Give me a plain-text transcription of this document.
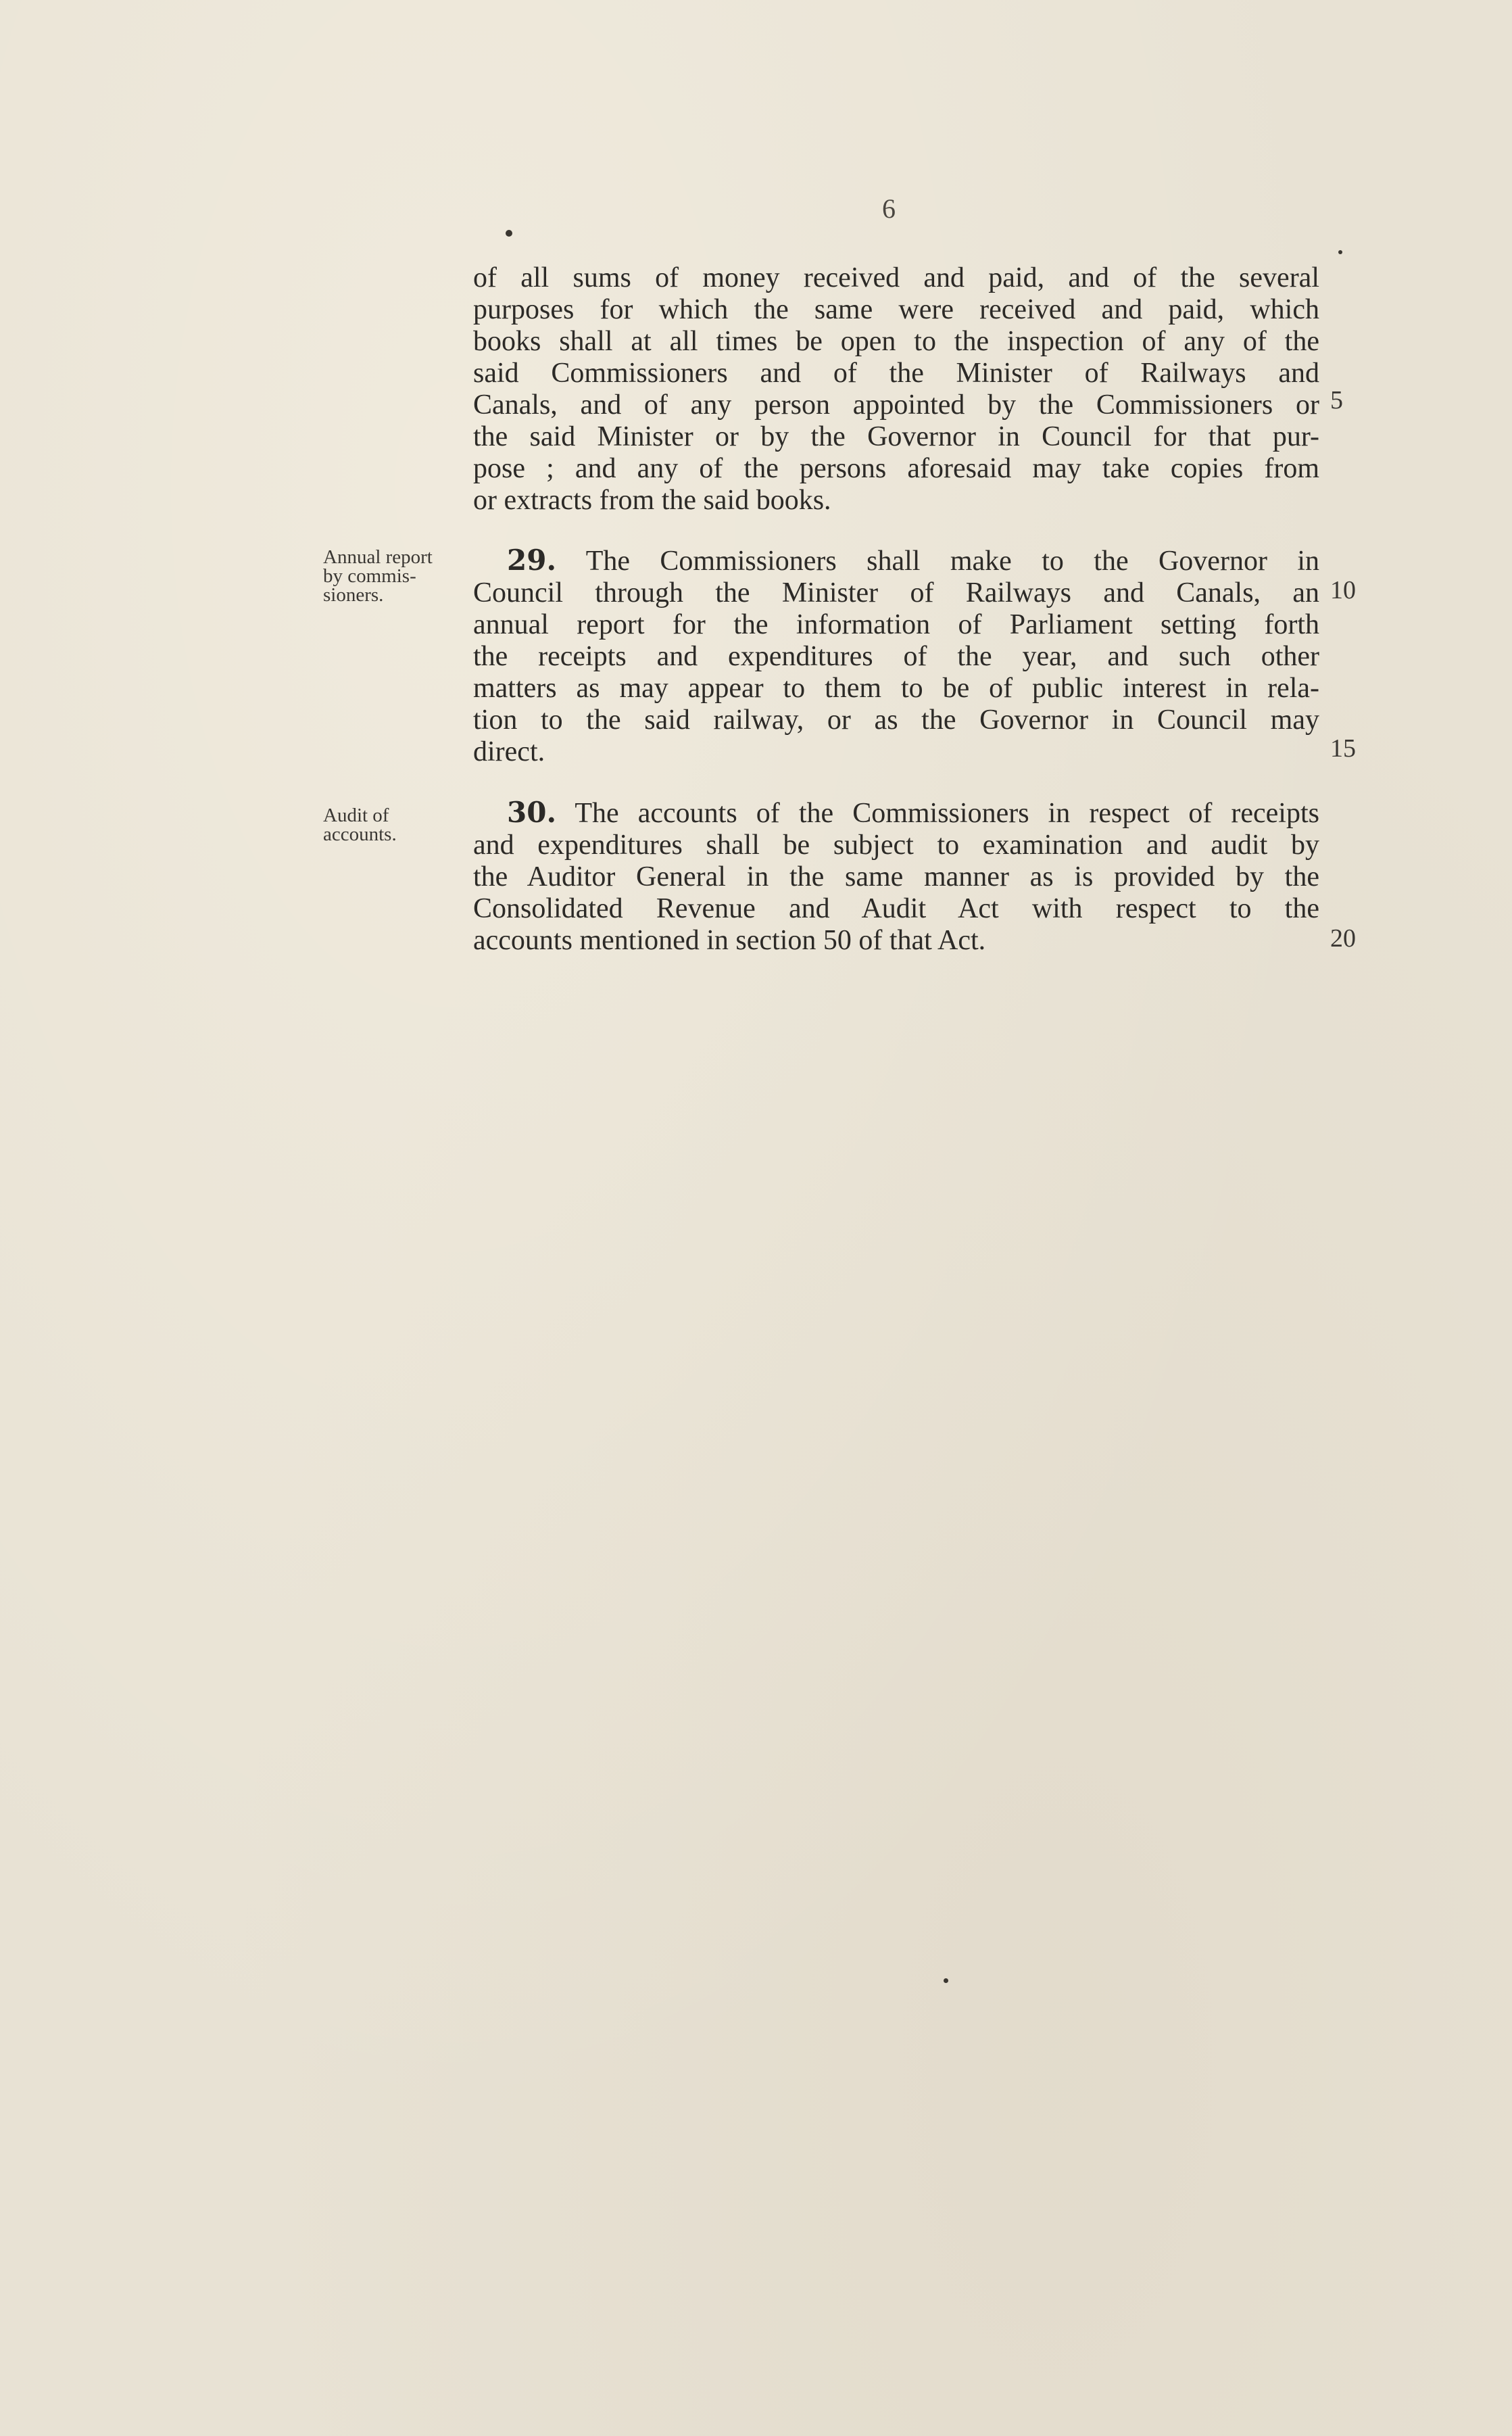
6
of all sums of money received and paid, and of the several
purposes for which the same were received and paid, which
books shall at all times be open to the inspection of any of the
said Commissioners and of the Minister of Railways and
Canals, and of any person appointed by the Commissioners or
the said Minister or by the Governor in Council for that pur-
pose ; and any of the persons aforesaid may take copies from
or extracts from the said books.
Annual report
by commis-
sioners.
29. The Commissioners shall make to the Governor in
Council through the Minister of Railways and Canals, an
annual report for the information of Parliament setting forth
the receipts and expenditures of the year, and such other
matters as may appear to them to be of public interest in rela-
tion to the said railway, or as the Governor in Council may
direct.
Audit of
accounts.
30. The accounts of the Commissioners in respect of receipts
and expenditures shall be subject to examination and audit by
the Auditor General in the same manner as is provided by the
Consolidated Revenue and Audit Act with respect to the
accounts mentioned in section 50 of that Act.
5
10
15
20
